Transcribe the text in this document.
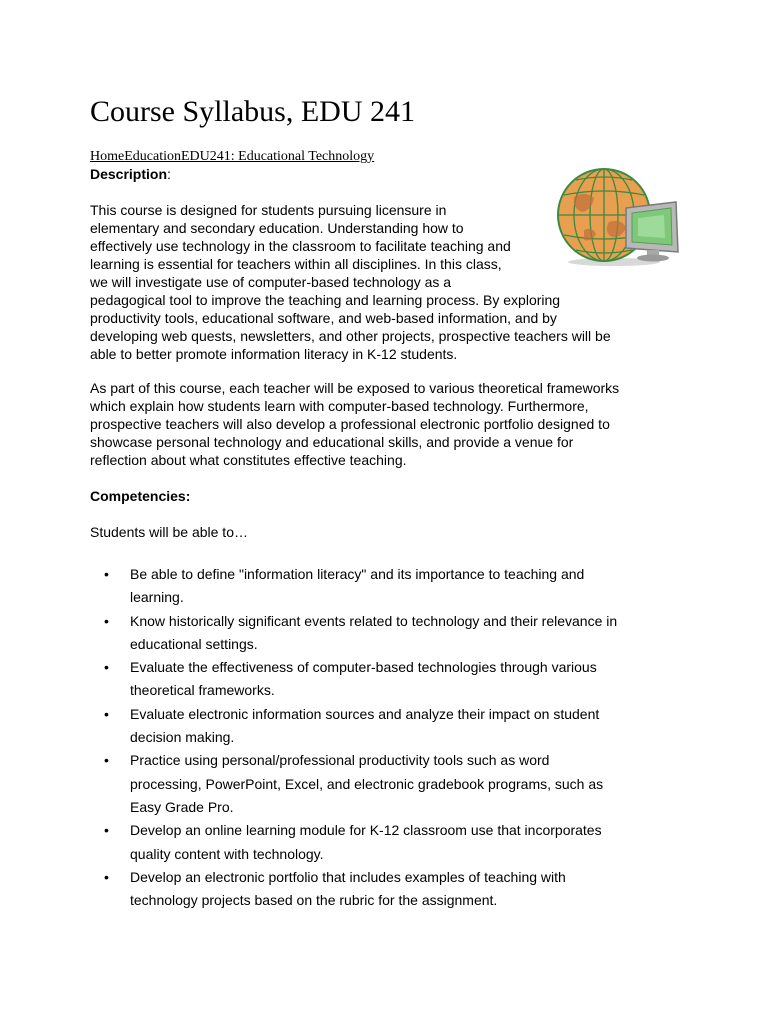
Course Syllabus, EDU 241
HomeEducationEDU241: Educational Technology
Description:
This course is designed for students pursuing licensure in
elementary and secondary education. Understanding how to
effectively use technology in the classroom to facilitate teaching and
learning is essential for teachers within all disciplines. In this class,
we will investigate use of computer-based technology as a
pedagogical tool to improve the teaching and learning process. By exploring
productivity tools, educational software, and web-based information, and by
developing web quests, newsletters, and other projects, prospective teachers will be
able to better promote information literacy in K-12 students.
As part of this course, each teacher will be exposed to various theoretical frameworks
which explain how students learn with computer-based technology. Furthermore,
prospective teachers will also develop a professional electronic portfolio designed to
showcase personal technology and educational skills, and provide a venue for
reflection about what constitutes effective teaching.
Competencies:
Students will be able to…
• Be able to define "information literacy" and its importance to teaching and
learning.
• Know historically significant events related to technology and their relevance in
educational settings.
• Evaluate the effectiveness of computer-based technologies through various
theoretical frameworks.
• Evaluate electronic information sources and analyze their impact on student
decision making.
• Practice using personal/professional productivity tools such as word
processing, PowerPoint, Excel, and electronic gradebook programs, such as
Easy Grade Pro.
• Develop an online learning module for K-12 classroom use that incorporates
quality content with technology.
• Develop an electronic portfolio that includes examples of teaching with
technology projects based on the rubric for the assignment.
